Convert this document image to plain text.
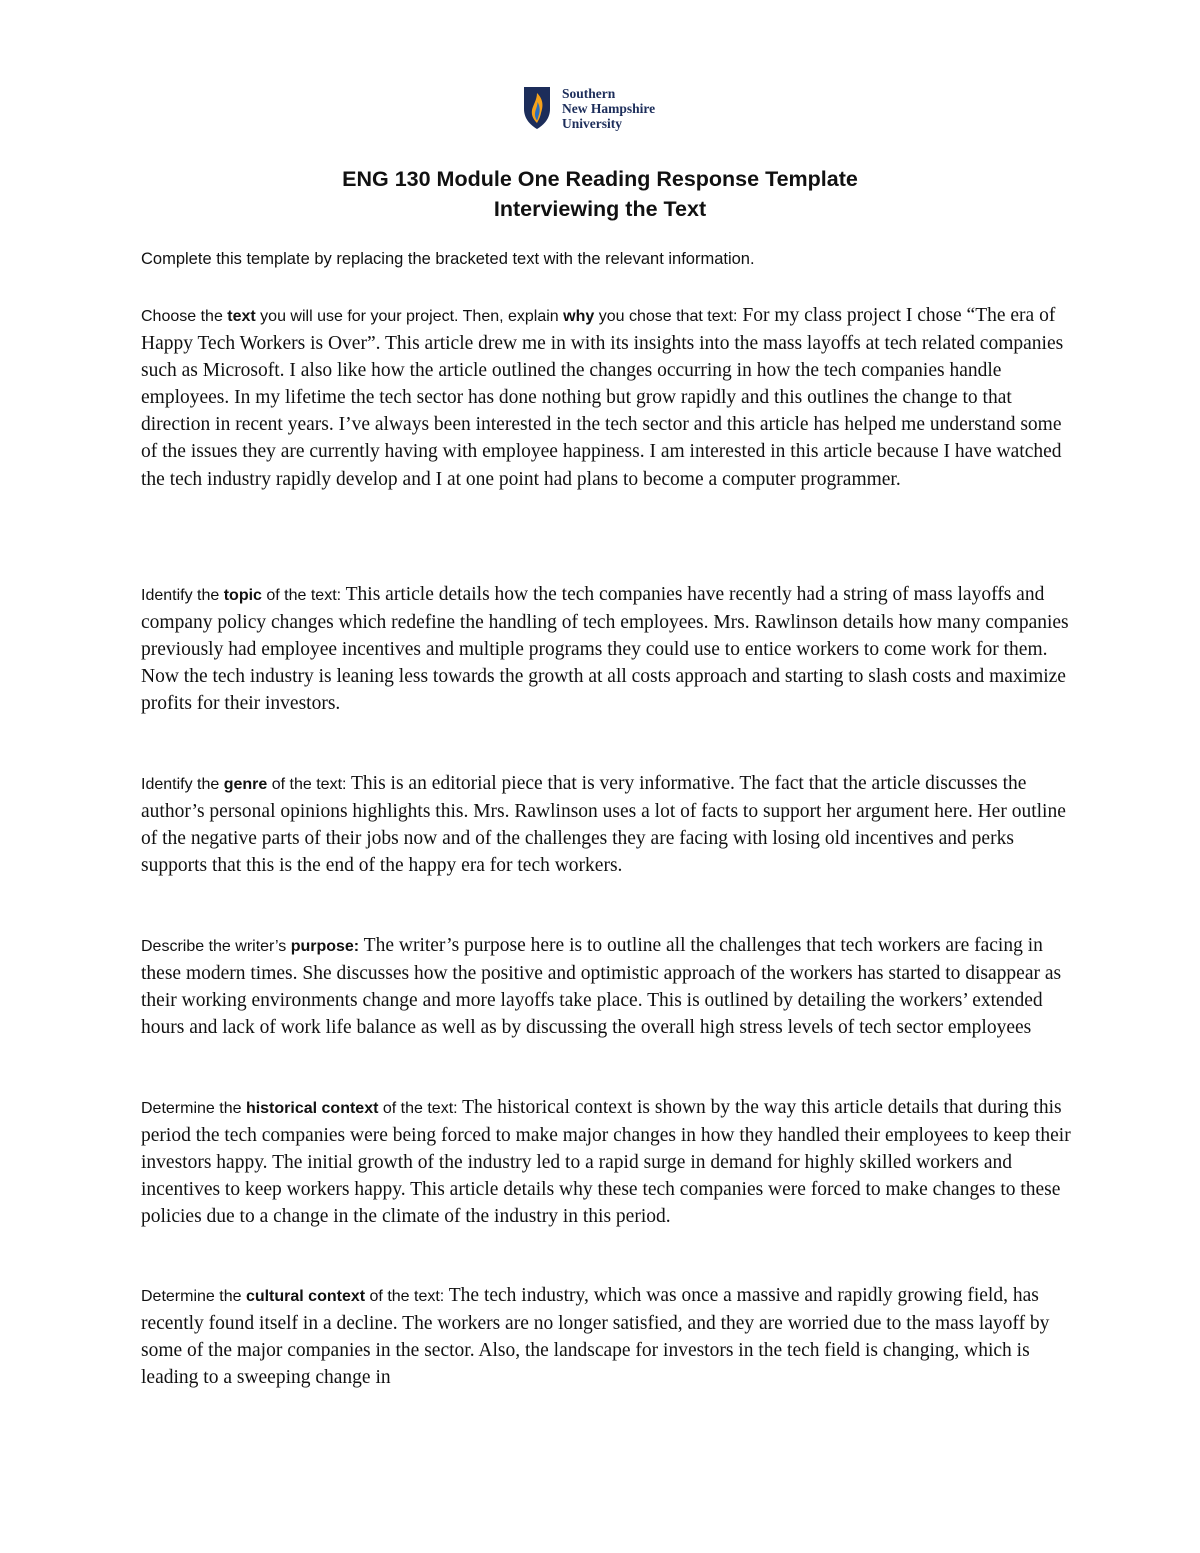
Southern
New Hampshire
University
ENG 130 Module One Reading Response Template
Interviewing the Text
Complete this template by replacing the bracketed text with the relevant information.

Choose the text you will use for your project. Then, explain why you chose that text: For my class project I chose “The era of Happy Tech Workers is Over”. This article drew me in with its insights into the mass layoffs at tech related companies such as Microsoft. I also like how the article outlined the changes occurring in how the tech companies handle employees. In my lifetime the tech sector has done nothing but grow rapidly and this outlines the change to that direction in recent years. I’ve always been interested in the tech sector and this article has helped me understand some of the issues they are currently having with employee happiness. I am interested in this article because I have watched the tech industry rapidly develop and I at one point had plans to become a computer programmer.

Identify the topic of the text: This article details how the tech companies have recently had a string of mass layoffs and company policy changes which redefine the handling of tech employees. Mrs. Rawlinson details how many companies previously had employee incentives and multiple programs they could use to entice workers to come work for them. Now the tech industry is leaning less towards the growth at all costs approach and starting to slash costs and maximize profits for their investors.

Identify the genre of the text: This is an editorial piece that is very informative. The fact that the article discusses the author’s personal opinions highlights this. Mrs. Rawlinson uses a lot of facts to support her argument here. Her outline of the negative parts of their jobs now and of the challenges they are facing with losing old incentives and perks supports that this is the end of the happy era for tech workers.

Describe the writer’s purpose: The writer’s purpose here is to outline all the challenges that tech workers are facing in these modern times. She discusses how the positive and optimistic approach of the workers has started to disappear as their working environments change and more layoffs take place. This is outlined by detailing the workers’ extended hours and lack of work life balance as well as by discussing the overall high stress levels of tech sector employees

Determine the historical context of the text: The historical context is shown by the way this article details that during this period the tech companies were being forced to make major changes in how they handled their employees to keep their investors happy. The initial growth of the industry led to a rapid surge in demand for highly skilled workers and incentives to keep workers happy. This article details why these tech companies were forced to make changes to these policies due to a change in the climate of the industry in this period.

Determine the cultural context of the text: The tech industry, which was once a massive and rapidly growing field, has recently found itself in a decline. The workers are no longer satisfied, and they are worried due to the mass layoff by some of the major companies in the sector. Also, the landscape for investors in the tech field is changing, which is leading to a sweeping change in
